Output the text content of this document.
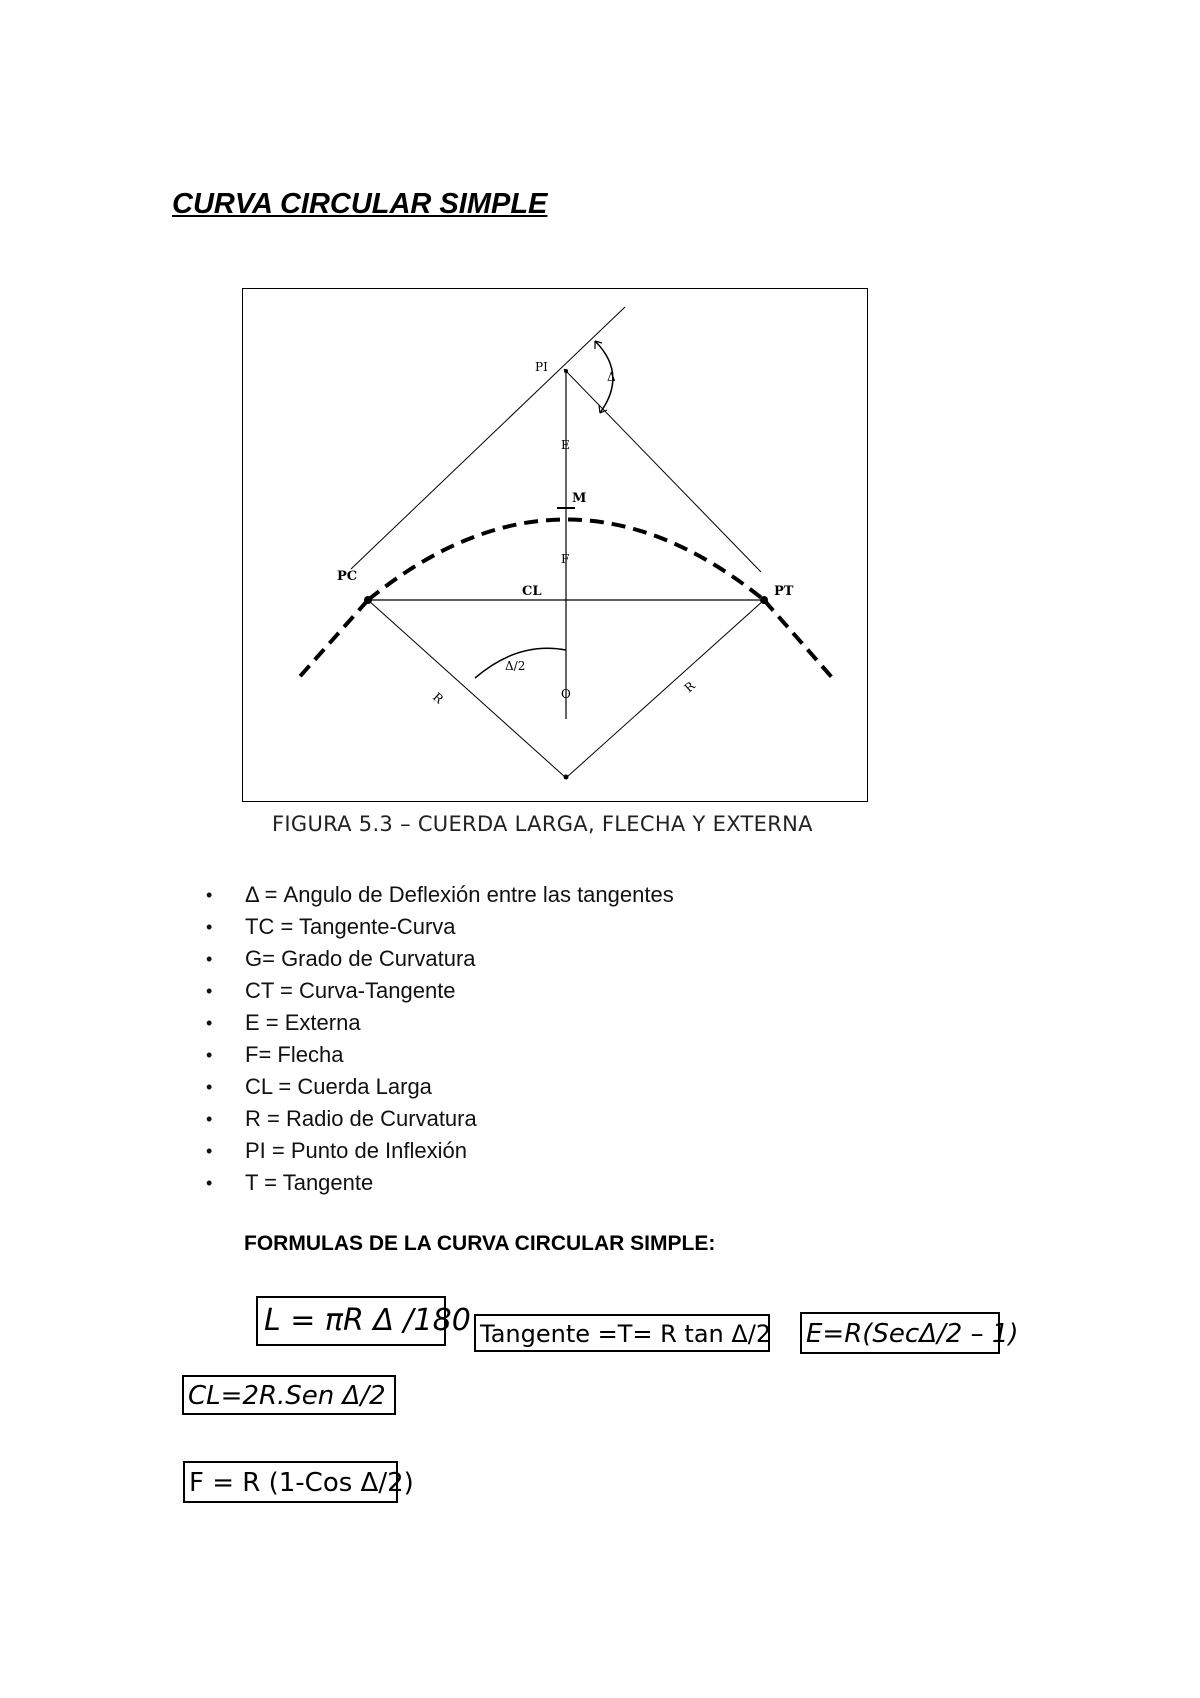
CURVA CIRCULAR SIMPLE
PI
Δ
E
M
F
PC
PT
CL
Δ/2
R
R
O
FIGURA 5.3 – CUERDA LARGA, FLECHA Y EXTERNA
• Δ = Angulo de Deflexión entre las tangentes
• TC = Tangente-Curva
• G= Grado de Curvatura
• CT = Curva-Tangente
• E = Externa
• F= Flecha
• CL = Cuerda Larga
• R = Radio de Curvatura
• PI = Punto de Inflexión
• T = Tangente
FORMULAS DE LA CURVA CIRCULAR SIMPLE:
L = πR Δ /180 Tangente =T= R tan Δ/2 E=R(SecΔ/2 – 1)
CL=2R.Sen Δ/2
F = R (1-Cos Δ/2)
